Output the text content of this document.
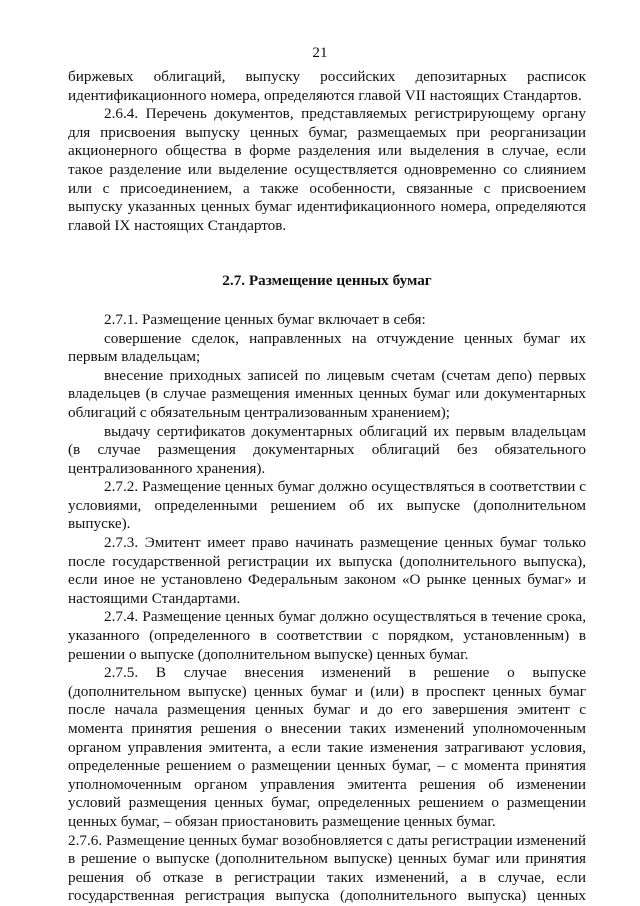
21

биржевых облигаций, выпуску российских депозитарных расписок идентификационного номера, определяются главой VII настоящих Стандартов.

2.6.4. Перечень документов, представляемых регистрирующему органу для присвоения выпуску ценных бумаг, размещаемых при реорганизации акционерного общества в форме разделения или выделения в случае, если такое разделение или выделение осуществляется одновременно со слиянием или с присоединением, а также особенности, связанные с присвоением выпуску указанных ценных бумаг идентификационного номера, определяются главой IX настоящих Стандартов.

2.7. Размещение ценных бумаг

2.7.1. Размещение ценных бумаг включает в себя:

совершение сделок, направленных на отчуждение ценных бумаг их первым владельцам;

внесение приходных записей по лицевым счетам (счетам депо) первых владельцев (в случае размещения именных ценных бумаг или документарных облигаций с обязательным централизованным хранением);

выдачу сертификатов документарных облигаций их первым владельцам (в случае размещения документарных облигаций без обязательного централизованного хранения).

2.7.2. Размещение ценных бумаг должно осуществляться в соответствии с условиями, определенными решением об их выпуске (дополнительном выпуске).

2.7.3. Эмитент имеет право начинать размещение ценных бумаг только после государственной регистрации их выпуска (дополнительного выпуска), если иное не установлено Федеральным законом «О рынке ценных бумаг» и настоящими Стандартами.

2.7.4. Размещение ценных бумаг должно осуществляться в течение срока, указанного (определенного в соответствии с порядком, установленным) в решении о выпуске (дополнительном выпуске) ценных бумаг.

2.7.5. В случае внесения изменений в решение о выпуске (дополнительном выпуске) ценных бумаг и (или) в проспект ценных бумаг после начала размещения ценных бумаг и до его завершения эмитент с момента принятия решения о внесении таких изменений уполномоченным органом управления эмитента, а если такие изменения затрагивают условия, определенные решением о размещении ценных бумаг, – с момента принятия уполномоченным органом управления эмитента решения об изменении условий размещения ценных бумаг, определенных решением о размещении ценных бумаг, – обязан приостановить размещение ценных бумаг.

2.7.6. Размещение ценных бумаг возобновляется с даты регистрации изменений в решение о выпуске (дополнительном выпуске) ценных бумаг или принятия решения об отказе в регистрации таких изменений, а в случае, если государственная регистрация выпуска (дополнительного выпуска) ценных
